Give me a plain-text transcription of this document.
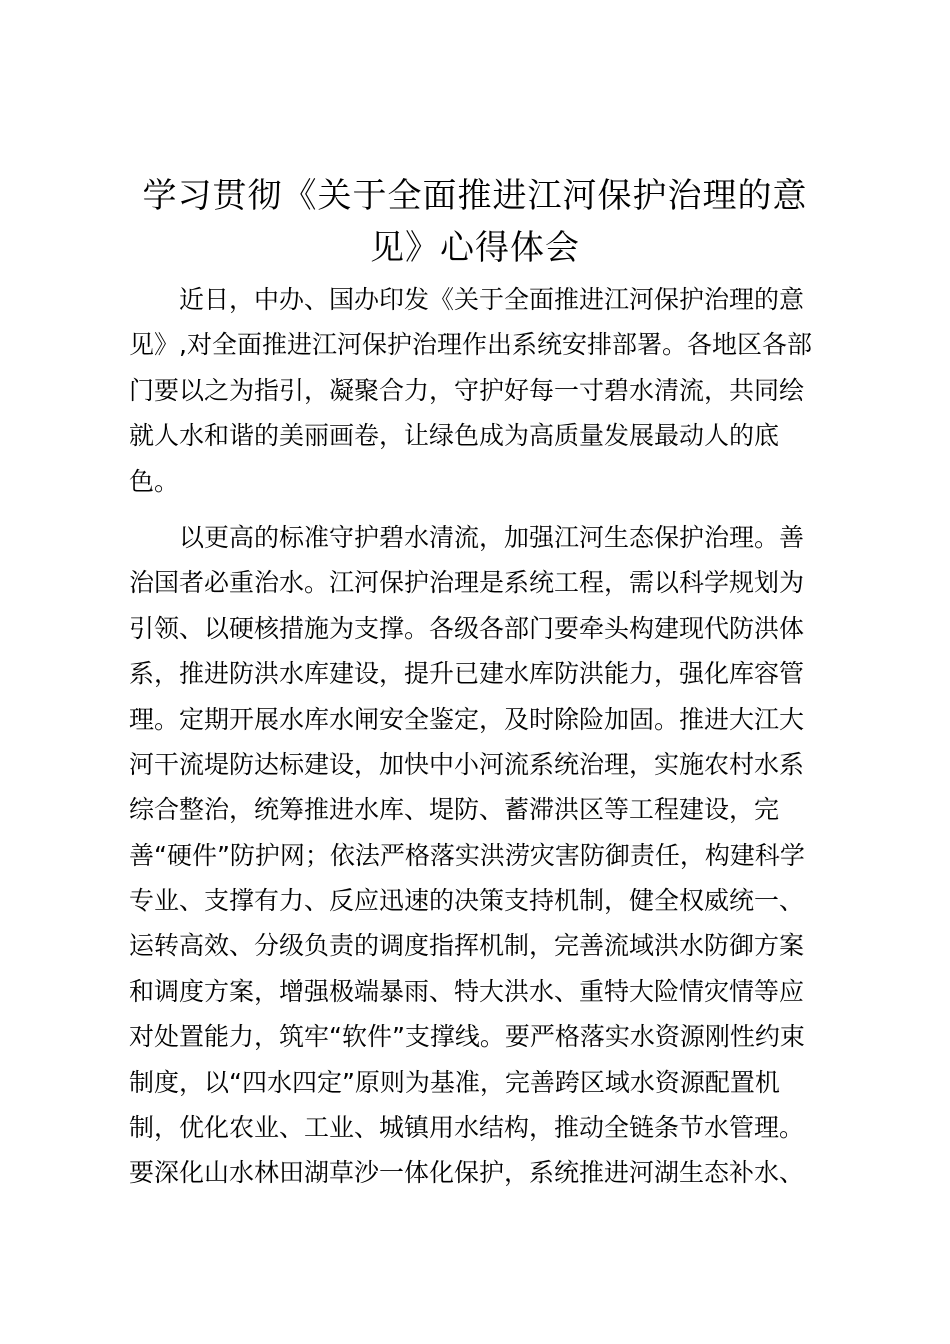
学习贯彻《关于全面推进江河保护治理的意
见》心得体会
近日，中办、国办印发《关于全面推进江河保护治理的意
见》,对全面推进江河保护治理作出系统安排部署。各地区各部
门要以之为指引，凝聚合力，守护好每一寸碧水清流，共同绘
就人水和谐的美丽画卷，让绿色成为高质量发展最动人的底
色。
以更高的标准守护碧水清流，加强江河生态保护治理。善
治国者必重治水。江河保护治理是系统工程，需以科学规划为
引领、以硬核措施为支撑。各级各部门要牵头构建现代防洪体
系，推进防洪水库建设，提升已建水库防洪能力，强化库容管
理。定期开展水库水闸安全鉴定，及时除险加固。推进大江大
河干流堤防达标建设，加快中小河流系统治理，实施农村水系
综合整治，统筹推进水库、堤防、蓄滞洪区等工程建设，完
善“硬件”防护网；依法严格落实洪涝灾害防御责任，构建科学
专业、支撑有力、反应迅速的决策支持机制，健全权威统一、
运转高效、分级负责的调度指挥机制，完善流域洪水防御方案
和调度方案，增强极端暴雨、特大洪水、重特大险情灾情等应
对处置能力，筑牢“软件”支撑线。要严格落实水资源刚性约束
制度，以“四水四定”原则为基准，完善跨区域水资源配置机
制，优化农业、工业、城镇用水结构，推动全链条节水管理。
要深化山水林田湖草沙一体化保护，系统推进河湖生态补水、
